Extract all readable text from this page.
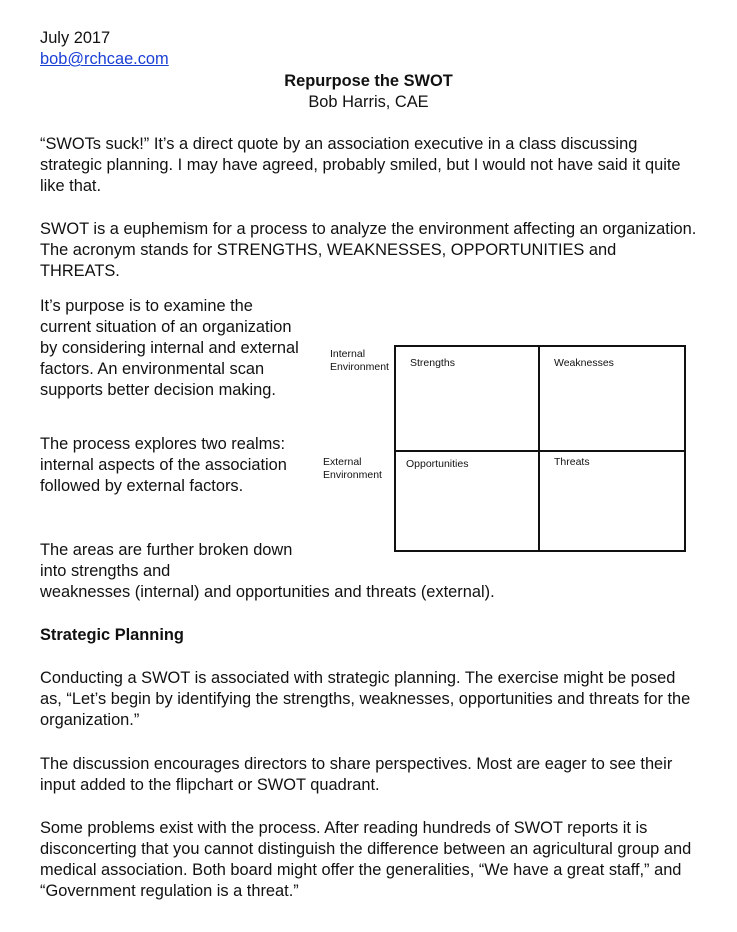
July 2017

bob@rchcae.com

Repurpose the SWOT

Bob Harris, CAE

“SWOTs suck!” It’s a direct quote by an association executive in a class discussing strategic planning. I may have agreed, probably smiled, but I would not have said it quite like that.

SWOT is a euphemism for a process to analyze the environment affecting an organization. The acronym stands for STRENGTHS, WEAKNESSES, OPPORTUNITIES and THREATS.

It’s purpose is to examine the current situation of an organization by considering internal and external factors. An environmental scan supports better decision making.

The process explores two realms: internal aspects of the association followed by external factors.

The areas are further broken down into strengths and

weaknesses (internal) and opportunities and threats (external).

Strategic Planning

Conducting a SWOT is associated with strategic planning. The exercise might be posed as, “Let’s begin by identifying the strengths, weaknesses, opportunities and threats for the organization.”

The discussion encourages directors to share perspectives. Most are eager to see their input added to the flipchart or SWOT quadrant.

Some problems exist with the process. After reading hundreds of SWOT reports it is disconcerting that you cannot distinguish the difference between an agricultural group and medical association. Both board might offer the generalities, “We have a great staff,” and “Government regulation is a threat.”

Internal
Environment
External
Environment
Strengths	Weaknesses
Opportunities	Threats
